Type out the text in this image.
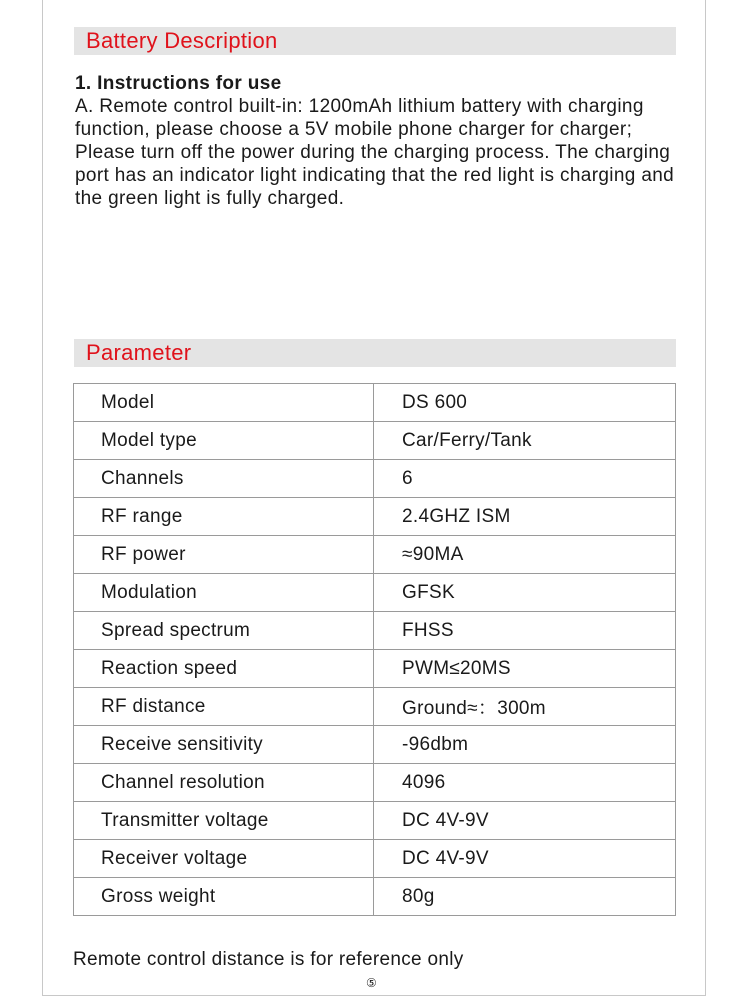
Battery Description
1. Instructions for use
A. Remote control built-in: 1200mAh lithium battery with charging function, please choose a 5V mobile phone charger for charger; Please turn off the power during the charging process. The charging port has an indicator light indicating that the red light is charging and the green light is fully charged.
Parameter
Model	DS 600
Model type	Car/Ferry/Tank
Channels	6
RF range	2.4GHZ ISM
RF power	≈90MA
Modulation	GFSK
Spread spectrum	FHSS
Reaction speed	PWM≤20MS
RF distance	Ground≈：300m
Receive sensitivity	-96dbm
Channel resolution	4096
Transmitter voltage	DC 4V-9V
Receiver voltage	DC 4V-9V
Gross weight	80g
Remote control distance is for reference only
⑤
